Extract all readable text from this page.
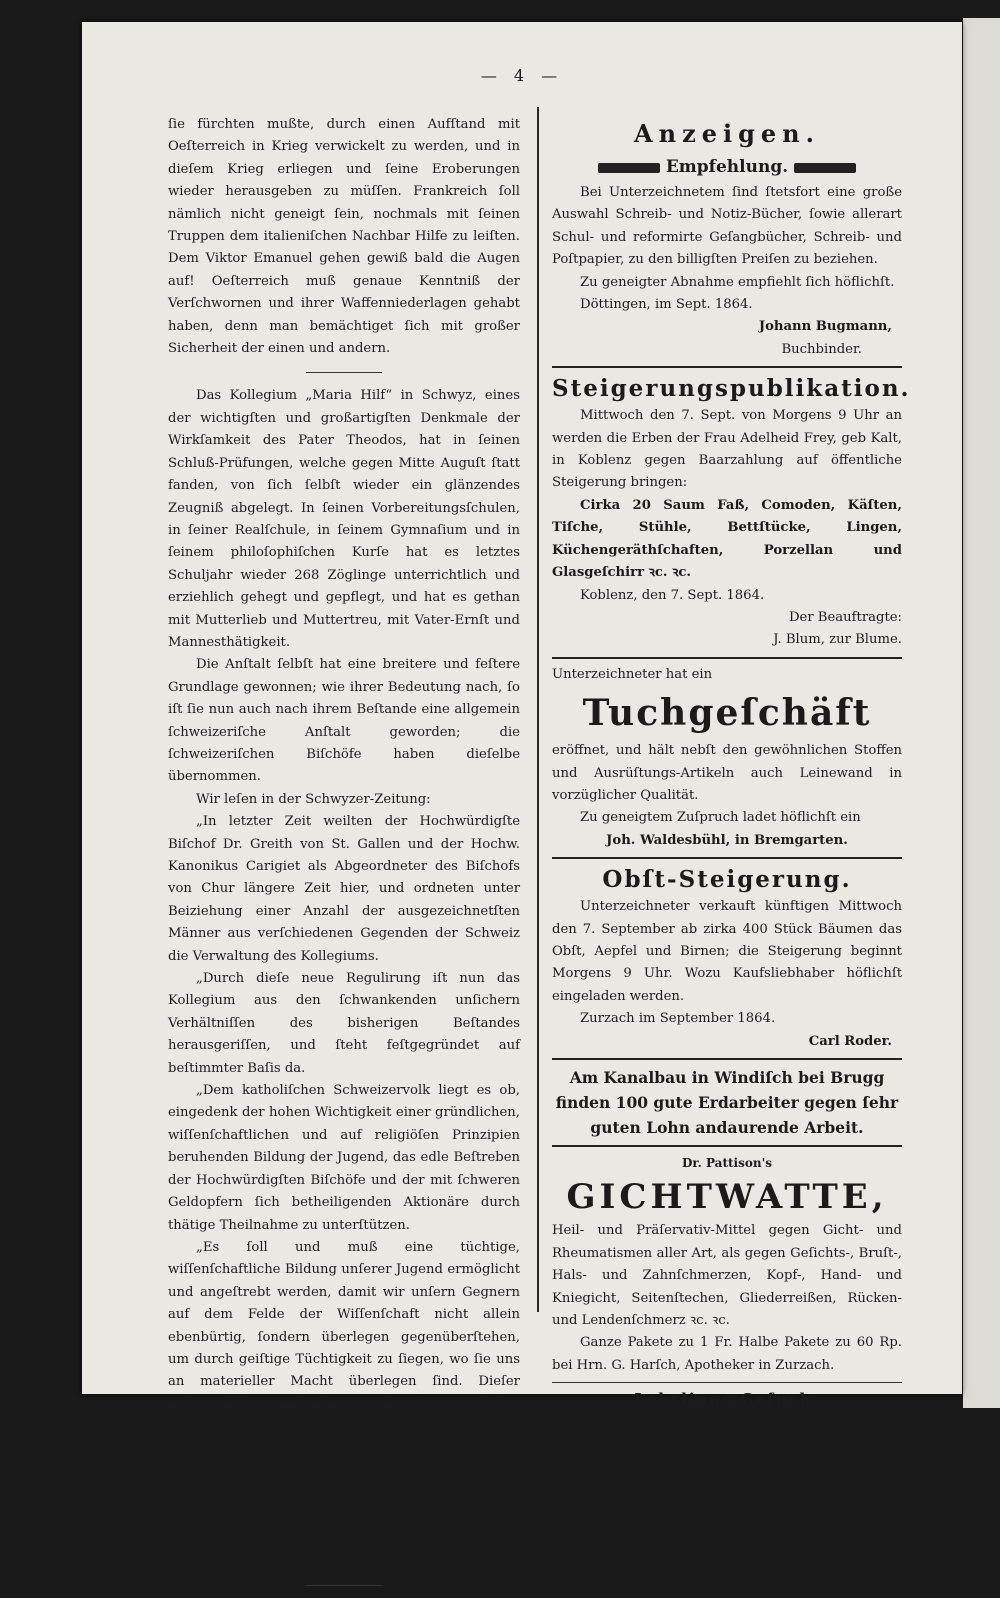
— 4 —

ſie fürchten mußte, durch einen Aufſtand mit Oeſterreich in Krieg verwickelt zu werden, und in dieſem Krieg erliegen und ſeine Eroberungen wieder herausgeben zu müſſen. Frankreich ſoll nämlich nicht geneigt ſein, nochmals mit ſeinen Truppen dem italieniſchen Nachbar Hilfe zu leiſten. Dem Viktor Emanuel gehen gewiß bald die Augen auf! Oeſterreich muß genaue Kenntniß der Verſchwornen und ihrer Waffenniederlagen gehabt haben, denn man bemächtiget ſich mit großer Sicherheit der einen und andern.

Das Kollegium „Maria Hilf“ in Schwyz, eines der wichtigſten und großartigſten Denkmale der Wirkſamkeit des Pater Theodos, hat in ſeinen Schluß-Prüfungen, welche gegen Mitte Auguſt ſtatt fanden, von ſich ſelbſt wieder ein glänzendes Zeugniß abgelegt. In ſeinen Vorbereitungsſchulen, in ſeiner Realſchule, in ſeinem Gymnaſium und in ſeinem philoſophiſchen Kurſe hat es letztes Schuljahr wieder 268 Zöglinge unterrichtlich und erziehlich gehegt und gepflegt, und hat es gethan mit Mutterlieb und Muttertreu, mit Vater-Ernſt und Mannesthätigkeit.

Die Anſtalt ſelbſt hat eine breitere und feſtere Grundlage gewonnen; wie ihrer Bedeutung nach, ſo iſt ſie nun auch nach ihrem Beſtande eine allgemein ſchweizeriſche Anſtalt geworden; die ſchweizeriſchen Biſchöfe haben dieſelbe übernommen.

Wir leſen in der Schwyzer-Zeitung:

„In letzter Zeit weilten der Hochwürdigſte Biſchof Dr. Greith von St. Gallen und der Hochw. Kanonikus Carigiet als Abgeordneter des Biſchofs von Chur längere Zeit hier, und ordneten unter Beiziehung einer Anzahl der ausgezeichnetſten Männer aus verſchiedenen Gegenden der Schweiz die Verwaltung des Kollegiums.

„Durch dieſe neue Regulirung iſt nun das Kollegium aus den ſchwankenden unſichern Verhältniſſen des bisherigen Beſtandes herausgeriſſen, und ſteht feſtgegründet auf beſtimmter Baſis da.

„Dem katholiſchen Schweizervolk liegt es ob, eingedenk der hohen Wichtigkeit einer gründlichen, wiſſenſchaftlichen und auf religiöſen Prinzipien beruhenden Bildung der Jugend, das edle Beſtreben der Hochwürdigſten Biſchöfe und der mit ſchweren Geldopfern ſich betheiligenden Aktionäre durch thätige Theilnahme zu unterſtützen.

„Es ſoll und muß eine tüchtige, wiſſenſchaftliche Bildung unſerer Jugend ermöglicht und angeſtrebt werden, damit wir unſern Gegnern auf dem Felde der Wiſſenſchaft nicht allein ebenbürtig, ſondern überlegen gegenüberſtehen, um durch geiſtige Tüchtigkeit zu ſiegen, wo ſie uns an materieller Macht überlegen ſind. Dieſer gebieteriſchen Anforderung der Zeit und der Verhältniſſe der Katholiken unſeres ſchönen Vaterlandes iſt nun durch das raſtloſe Streben der Biſchöfe Genüge geſchehen, deßhalb verdienen ſie auch den Dank des Vaterlandes und die werkthätige Beihilfe derer, denen die Religion der Väter und die Erhaltung der alten Bürgertugenden und der Freiheit des Volkes am Herzen liegt.“

Anzeigen.
Empfehlung.

Bei Unterzeichnetem ſind ſtetsfort eine große Auswahl Schreib- und Notiz-Bücher, ſowie allerart Schul- und reformirte Geſangbücher, Schreib- und Poſtpapier, zu den billigſten Preiſen zu beziehen.

Zu geneigter Abnahme empfiehlt ſich höflichſt.

Döttingen, im Sept. 1864.

Johann Bugmann,

Buchbinder.

Steigerungspublikation.

Mittwoch den 7. Sept. von Morgens 9 Uhr an werden die Erben der Frau Adelheid Frey, geb Kalt, in Koblenz gegen Baarzahlung auf öffentliche Steigerung bringen:

Cirka 20 Saum Faß, Comoden, Käſten, Tiſche, Stühle, Bettſtücke, Lingen, Küchengeräthſchaften, Porzellan und Glasgeſchirr ꝛc. ꝛc.

Koblenz, den 7. Sept. 1864.

Der Beauftragte:

J. Blum, zur Blume.

Unterzeichneter hat ein

Tuchgeſchäft

eröffnet, und hält nebſt den gewöhnlichen Stoffen und Ausrüſtungs-Artikeln auch Leinewand in vorzüglicher Qualität.

Zu geneigtem Zuſpruch ladet höflichſt ein

Joh. Waldesbühl, in Bremgarten.

Obſt-Steigerung.

Unterzeichneter verkauft künftigen Mittwoch den 7. September ab zirka 400 Stück Bäumen das Obſt, Aepfel und Birnen; die Steigerung beginnt Morgens 9 Uhr. Wozu Kaufsliebhaber höflichſt eingeladen werden.

Zurzach im September 1864.

Carl Roder.

Am Kanalbau in Windiſch bei Brugg finden 100 gute Erdarbeiter gegen ſehr guten Lohn andaurende Arbeit.

Dr. Pattison's
GICHTWATTE,

Heil- und Präſervativ-Mittel gegen Gicht- und Rheumatismen aller Art, als gegen Geſichts-, Bruſt-, Hals- und Zahnſchmerzen, Kopf-, Hand- und Kniegicht, Seitenſtechen, Gliederreißen, Rücken- und Lendenſchmerz ꝛc. ꝛc.

Ganze Pakete zu 1 Fr. Halbe Pakete zu 60 Rp. bei Hrn. G. Harſch, Apotheker in Zurzach.

Lehrlings-Geſuch.

Wo ein ordentlicher Knabe von braven Eltern, oder wenn möglich von einem Erziehungsverein, die Schuſterprofeſſion gründlich erlernen kann, ſagt der Verleger dieſes Blattes.
